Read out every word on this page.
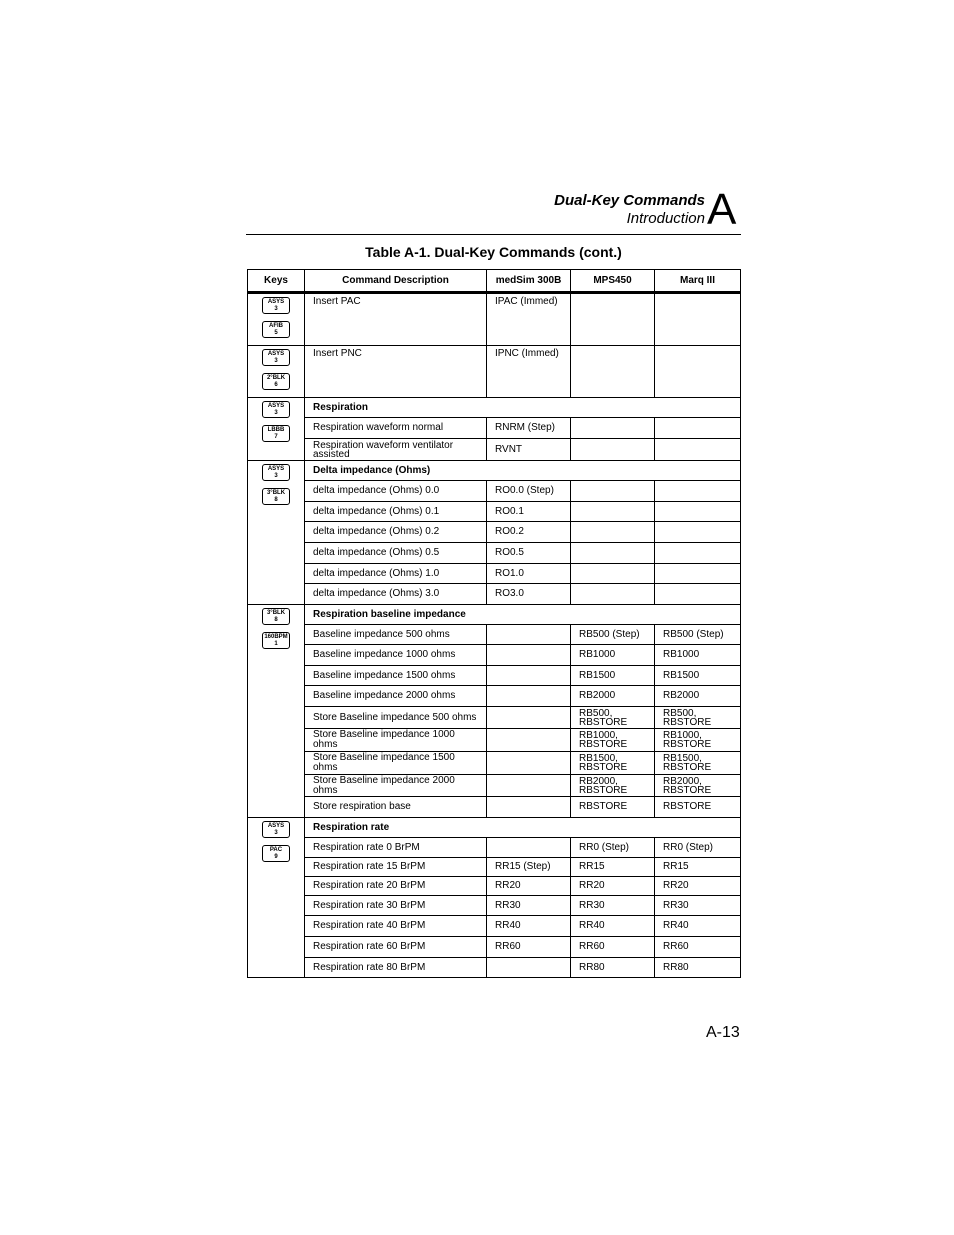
Dual-Key Commands
Introduction A
Table A-1. Dual-Key Commands (cont.)
Keys	Command Description	medSim 300B	MPS450	Marq III

ASYS
3
AFIB
5	Insert PAC	IPAC (Immed)		

ASYS
3
2°BLK
6	Insert PNC	IPNC (Immed)		

ASYS
3
LBBB
7	Respiration			
	Respiration waveform normal	RNRM (Step)		
	Respiration waveform ventilator assisted	RVNT		

ASYS
3
3°BLK
8	Delta impedance (Ohms)			
	delta impedance (Ohms) 0.0	RO0.0 (Step)		
	delta impedance (Ohms) 0.1	RO0.1		
	delta impedance (Ohms) 0.2	RO0.2		
	delta impedance (Ohms) 0.5	RO0.5		
	delta impedance (Ohms) 1.0	RO1.0		
	delta impedance (Ohms) 3.0	RO3.0		

3°BLK
8
160BPM
1	Respiration baseline impedance			
	Baseline impedance 500 ohms		RB500 (Step)	RB500 (Step)
	Baseline impedance 1000 ohms		RB1000	RB1000
	Baseline impedance 1500 ohms		RB1500	RB1500
	Baseline impedance 2000 ohms		RB2000	RB2000
	Store Baseline impedance 500 ohms		RB500, RBSTORE	RB500, RBSTORE
	Store Baseline impedance 1000 ohms		RB1000, RBSTORE	RB1000, RBSTORE
	Store Baseline impedance 1500 ohms		RB1500, RBSTORE	RB1500, RBSTORE
	Store Baseline impedance 2000 ohms		RB2000, RBSTORE	RB2000, RBSTORE
	Store respiration base		RBSTORE	RBSTORE

ASYS
3
PAC
9	Respiration rate			
	Respiration rate 0 BrPM		RR0 (Step)	RR0 (Step)
	Respiration rate 15 BrPM	RR15 (Step)	RR15	RR15
	Respiration rate 20 BrPM	RR20	RR20	RR20
	Respiration rate 30 BrPM	RR30	RR30	RR30
	Respiration rate 40 BrPM	RR40	RR40	RR40
	Respiration rate 60 BrPM	RR60	RR60	RR60
	Respiration rate 80 BrPM		RR80	RR80
A-13
